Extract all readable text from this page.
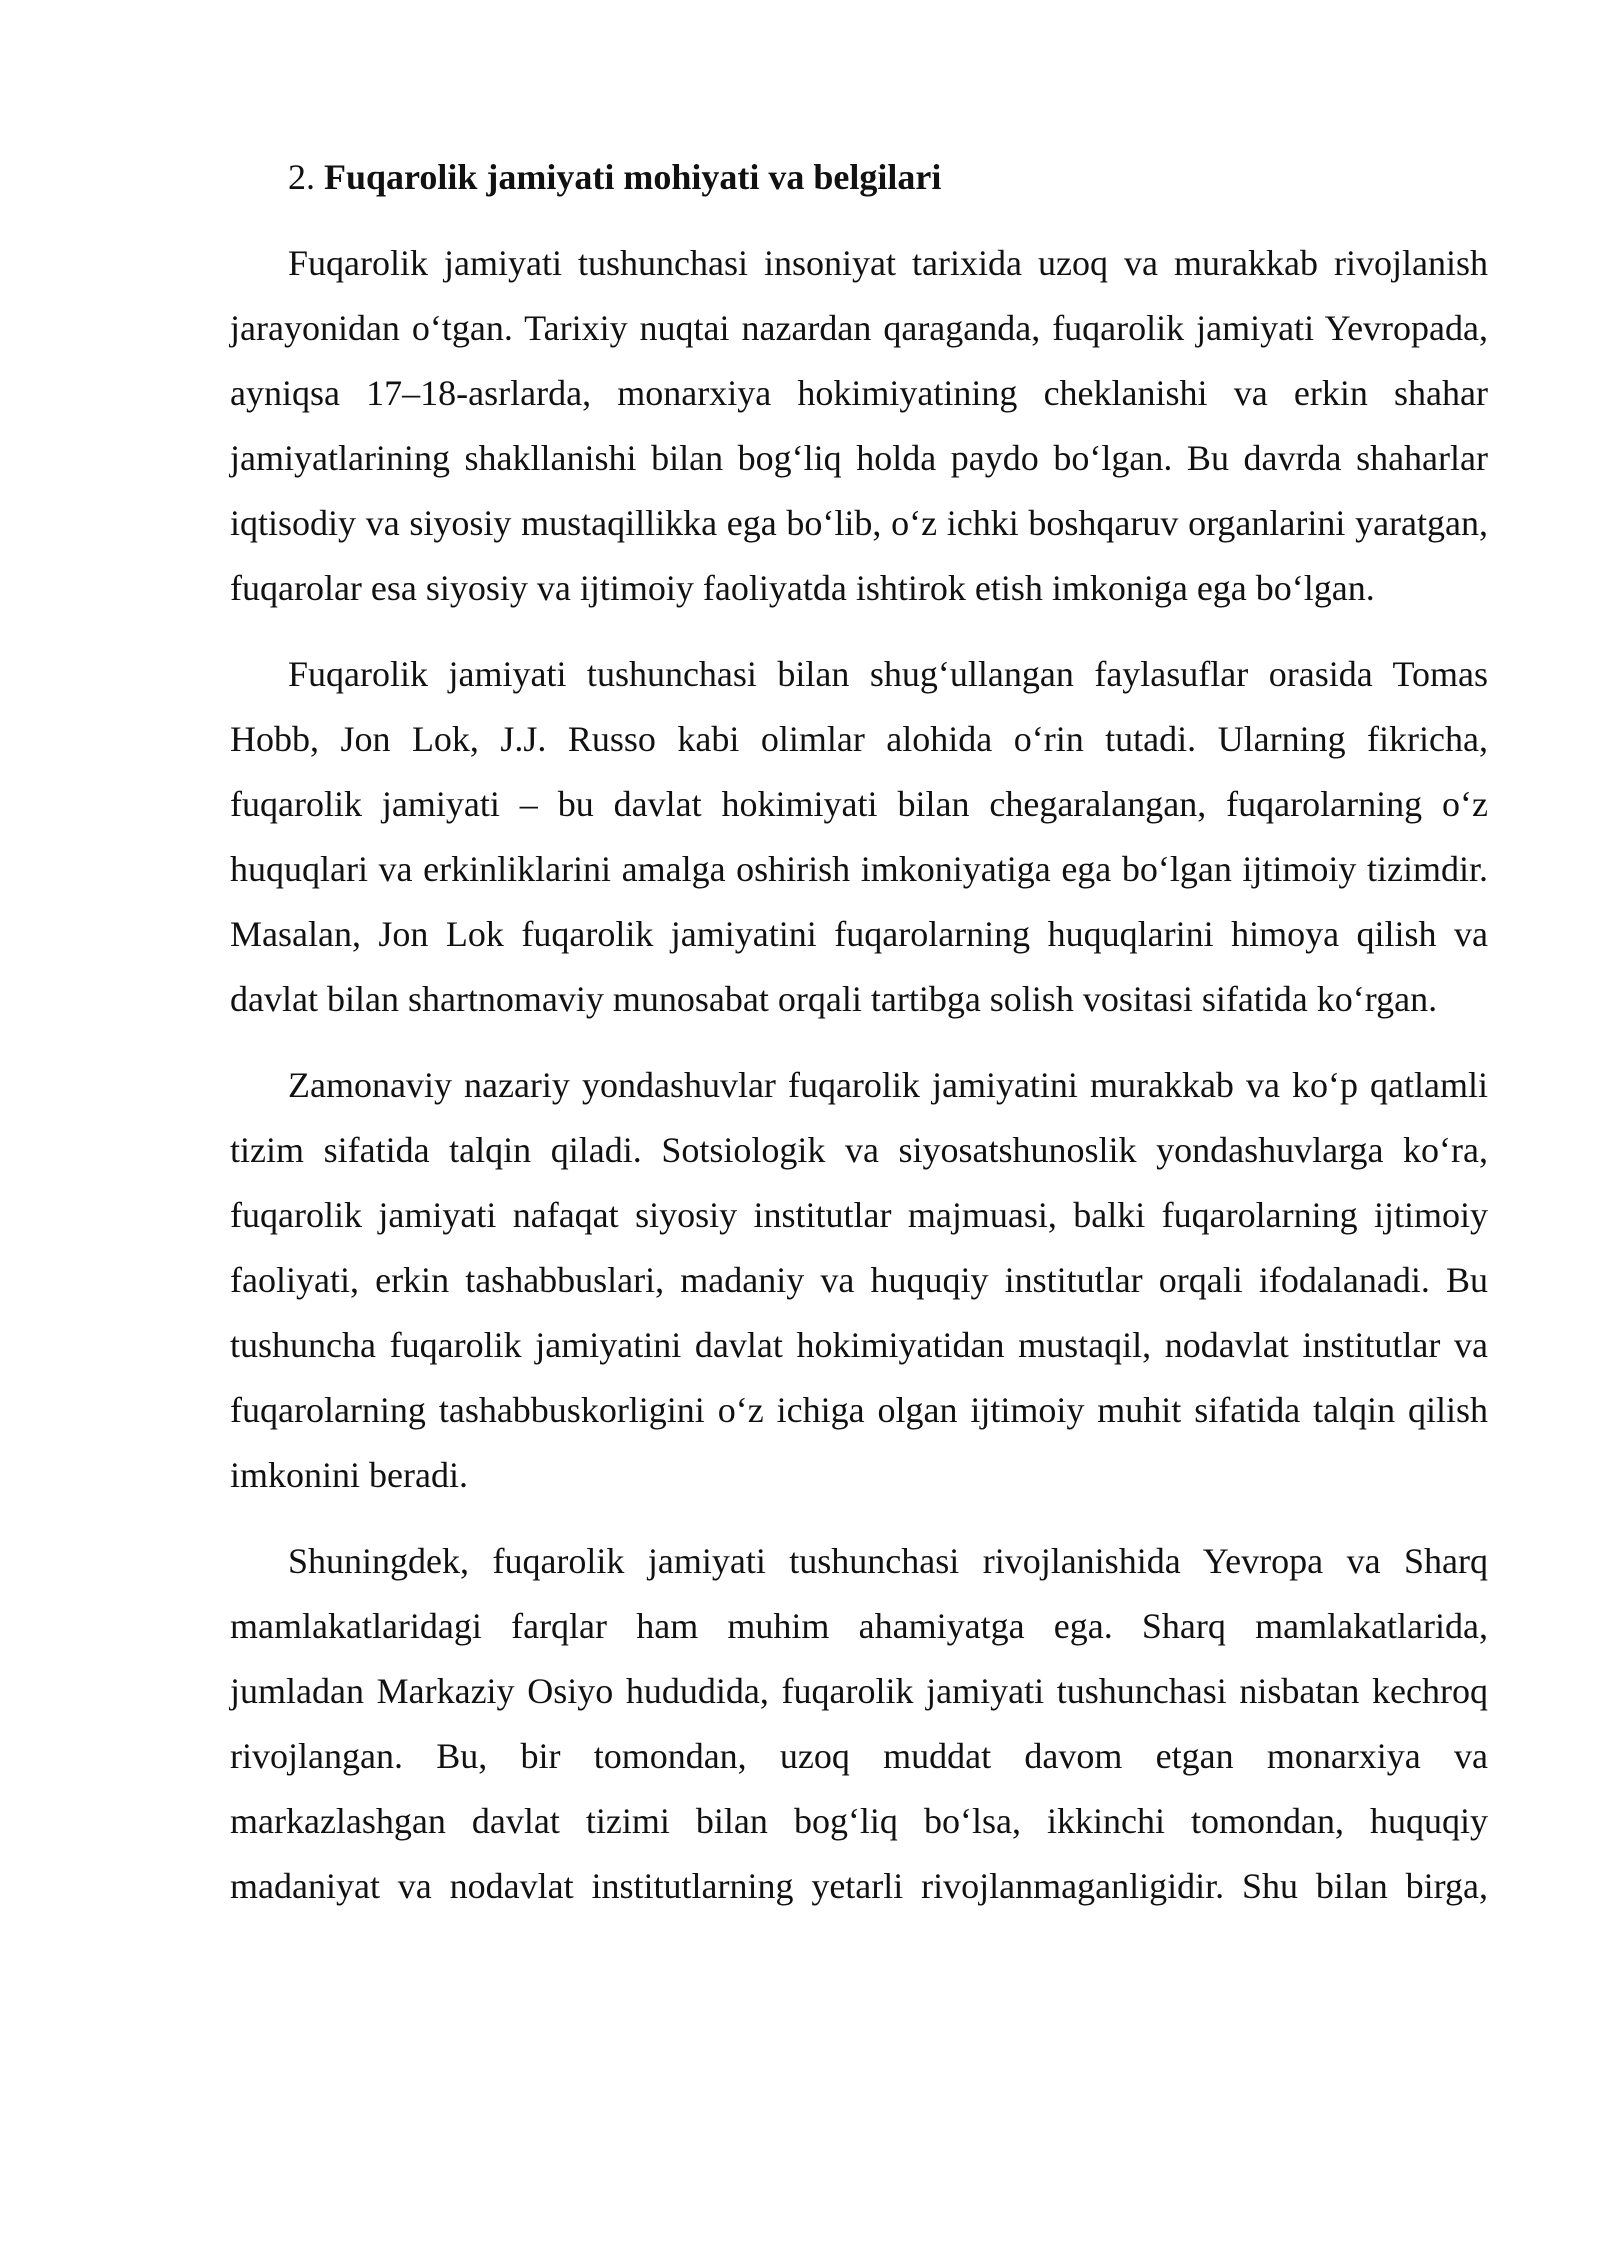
2. Fuqarolik jamiyati mohiyati va belgilari

Fuqarolik jamiyati tushunchasi insoniyat tarixida uzoq va murakkab rivojlanish jarayonidan o‘tgan. Tarixiy nuqtai nazardan qaraganda, fuqarolik jamiyati Yevropada, ayniqsa 17–18-asrlarda, monarxiya hokimiyatining cheklanishi va erkin shahar jamiyatlarining shakllanishi bilan bog‘liq holda paydo bo‘lgan. Bu davrda shaharlar iqtisodiy va siyosiy mustaqillikka ega bo‘lib, o‘z ichki boshqaruv organlarini yaratgan, fuqarolar esa siyosiy va ijtimoiy faoliyatda ishtirok etish imkoniga ega bo‘lgan.

Fuqarolik jamiyati tushunchasi bilan shug‘ullangan faylasuflar orasida Tomas Hobb, Jon Lok, J.J. Russo kabi olimlar alohida o‘rin tutadi. Ularning fikricha, fuqarolik jamiyati – bu davlat hokimiyati bilan chegaralangan, fuqarolarning o‘z huquqlari va erkinliklarini amalga oshirish imkoniyatiga ega bo‘lgan ijtimoiy tizimdir. Masalan, Jon Lok fuqarolik jamiyatini fuqarolarning huquqlarini himoya qilish va davlat bilan shartnomaviy munosabat orqali tartibga solish vositasi sifatida ko‘rgan.

Zamonaviy nazariy yondashuvlar fuqarolik jamiyatini murakkab va ko‘p qatlamli tizim sifatida talqin qiladi. Sotsiologik va siyosatshunoslik yondashuvlarga ko‘ra, fuqarolik jamiyati nafaqat siyosiy institutlar majmuasi, balki fuqarolarning ijtimoiy faoliyati, erkin tashabbuslari, madaniy va huquqiy institutlar orqali ifodalanadi. Bu tushuncha fuqarolik jamiyatini davlat hokimiyatidan mustaqil, nodavlat institutlar va fuqarolarning tashabbuskorligini o‘z ichiga olgan ijtimoiy muhit sifatida talqin qilish imkonini beradi.

Shuningdek, fuqarolik jamiyati tushunchasi rivojlanishida Yevropa va Sharq mamlakatlaridagi farqlar ham muhim ahamiyatga ega. Sharq mamlakatlarida, jumladan Markaziy Osiyo hududida, fuqarolik jamiyati tushunchasi nisbatan kechroq rivojlangan. Bu, bir tomondan, uzoq muddat davom etgan monarxiya va markazlashgan davlat tizimi bilan bog‘liq bo‘lsa, ikkinchi tomondan, huquqiy madaniyat va nodavlat institutlarning yetarli rivojlanmaganligidir. Shu bilan birga,
